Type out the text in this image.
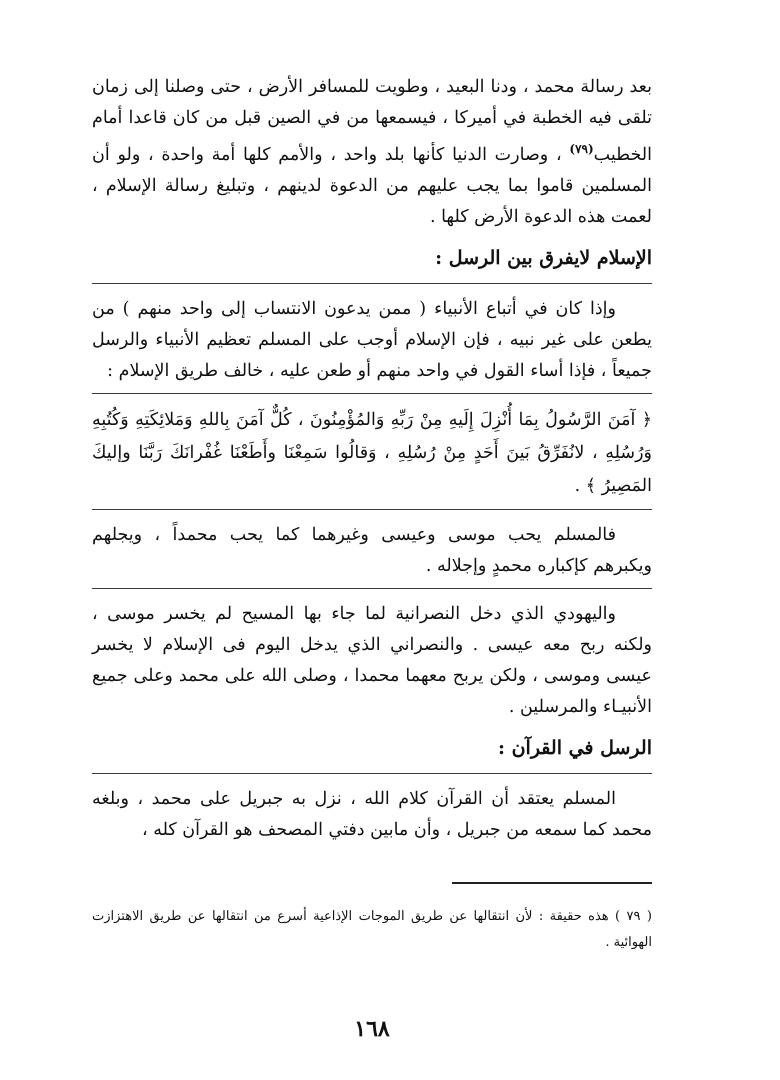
بعد رسالة محمد ، ودنا البعيد ، وطويت للمسافر الأرض ، حتى وصلنا إلى زمان تلقى فيه الخطبة في أميركا ، فيسمعها من في الصين قبل من كان قاعدا أمام الخطيب$^{(٧٩)}$ ، وصارت الدنيا كأنها بلد واحد ، والأمم كلها أمة واحدة ، ولو أن المسلمين قاموا بما يجب عليهم من الدعوة لدينهم ، وتبليغ رسالة الإسلام ، لعمت هذه الدعوة الأرض كلها .

الإسلام لايفرق بين الرسل :

وإذا كان في أتباع الأنبياء ( ممن يدعون الانتساب إلى واحد منهم ) من يطعن على غير نبيه ، فإن الإسلام أوجب على المسلم تعظيم الأنبياء والرسل جميعاً ، فإذا أساء القول في واحد منهم أو طعن عليه ، خالف طريق الإسلام :

﴿ آمَنَ الرَّسُولُ بِمَا أُنْزِلَ إِلَيهِ مِنْ رَبِّهِ وَالمُؤْمِنُونَ ، كُلٌّ آمَنَ بِاللهِ وَمَلائِكَتِهِ وَكُتُبِهِ وَرُسُلِهِ ، لانُفَرِّقُ بَينَ أَحَدٍ مِنْ رُسُلِهِ ، وَقالُوا سَمِعْنَا وأَطَعْنَا غُفْرانَكَ رَبَّنَا وإليكَ المَصِيرُ ﴾ .

فالمسلم يحب موسى وعيسى وغيرهما كما يحب محمداً ، ويجلهم ويكبرهم كإكباره محمدٍ وإجلاله .

واليهودي الذي دخل النصرانية لما جاء بها المسيح لم يخسر موسى ، ولكنه ربح معه عيسى . والنصراني الذي يدخل اليوم فى الإسلام لا يخسر عيسى وموسى ، ولكن يربح معهما محمدا ، وصلى الله على محمد وعلى جميع الأنبيـاء والمرسلين .

الرسل في القرآن :

المسلم يعتقد أن القرآن كلام الله ، نزل به جبريل على محمد ، وبلغه محمد كما سمعه من جبريل ، وأن مابين دفتي المصحف هو القرآن كله ،

( ٧٩ ) هذه حقيقة : لأن انتقالها عن طريق الموجات الإذاعية أسرع من انتقالها عن طريق الاهتزازت الهوائية .

١٦٨
